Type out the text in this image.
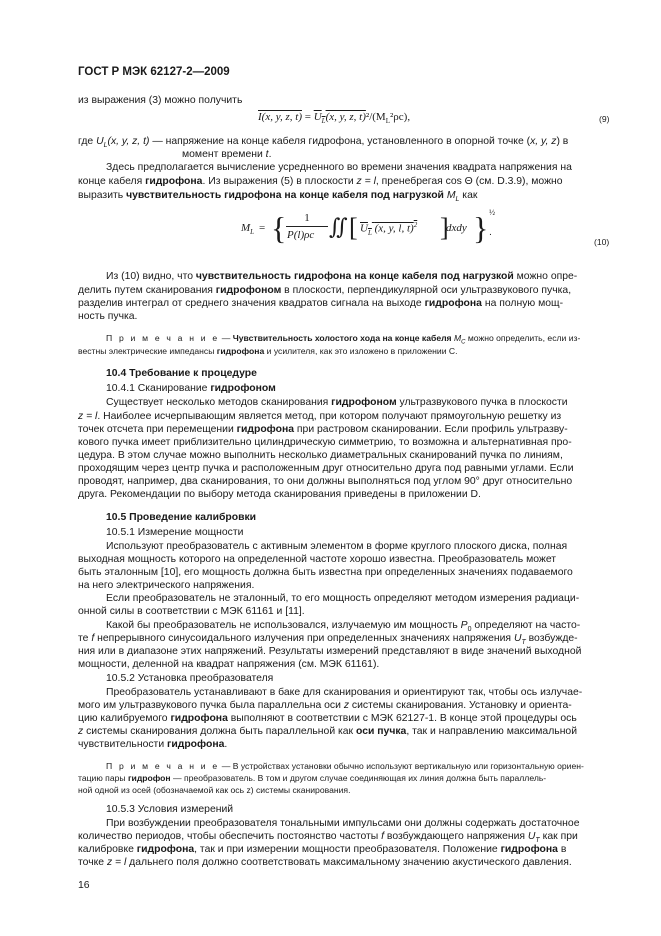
ГОСТ Р МЭК 62127-2—2009
из выражения (3) можно получить
I(x, y, z, $t) = U_L(x$, y, z, $t)^2/(M_L^2\rho c)$,	(9)
где $U_L(x$, y, z, t) — напряжение на конце кабеля гидрофона, установленного в опорной точке (x, y, z) в
момент времени t.
Здесь предполагается вычисление усредненного во времени значения квадрата напряжения на
конце кабеля гидрофона. Из выражения (5) в плоскости z = l, пренебрегая cos Θ (см. D.3.9), можно
выразить чувствительность гидрофона на конце кабеля под нагрузкой $M_L$ как
$M_L$ = {	1
P(l)ρc ∬ [ $U_L$ (x, y, l, t)$^2$ ]
dxdy } ½
.
(10)
Из (10) видно, что чувствительность гидрофона на конце кабеля под нагрузкой можно опре-
делить путем сканирования гидрофоном в плоскости, перпендикулярной оси ультразвукового пучка,
разделив интеграл от среднего значения квадратов сигнала на выходе гидрофона на полную мощ-
ность пучка.
П р и м е ч а н и е — Чувствительность холостого хода на конце кабеля $M_C$ можно определить, если из-
вестны электрические импедансы гидрофона и усилителя, как это изложено в приложении C.
10.4 Требование к процедуре
10.4.1 Сканирование гидрофоном
Существует несколько методов сканирования гидрофоном ультразвукового пучка в плоскости
z = l. Наиболее исчерпывающим является метод, при котором получают прямоугольную решетку из
точек отсчета при перемещении гидрофона при растровом сканировании. Если профиль ультразву-
кового пучка имеет приблизительно цилиндрическую симметрию, то возможна и альтернативная про-
цедура. В этом случае можно выполнить несколько диаметральных сканирований пучка по линиям,
проходящим через центр пучка и расположенным друг относительно друга под равными углами. Если
проводят, например, два сканирования, то они должны выполняться под углом 90° друг относительно
друга. Рекомендации по выбору метода сканирования приведены в приложении D.
10.5 Проведение калибровки
10.5.1 Измерение мощности
Используют преобразователь с активным элементом в форме круглого плоского диска, полная
выходная мощность которого на определенной частоте хорошо известна. Преобразователь может
быть эталонным [10], его мощность должна быть известна при определенных значениях подаваемого
на него электрического напряжения.
Если преобразователь не эталонный, то его мощность определяют методом измерения радиаци-
онной силы в соответствии с МЭК 61161 и [11].
Какой бы преобразователь не использовался, излучаемую им мощность $P_0$ определяют на часто-
те f непрерывного синусоидального излучения при определенных значениях напряжения $U_T$ возбужде-
ния или в диапазоне этих напряжений. Результаты измерений представляют в виде значений выходной
мощности, деленной на квадрат напряжения (см. МЭК 61161).
10.5.2 Установка преобразователя
Преобразователь устанавливают в баке для сканирования и ориентируют так, чтобы ось излучае-
мого им ультразвукового пучка была параллельна оси z системы сканирования. Установку и ориента-
цию калибруемого гидрофона выполняют в соответствии с МЭК 62127-1. В конце этой процедуры ось
z системы сканирования должна быть параллельной как оси пучка, так и направлению максимальной
чувствительности гидрофона.
П р и м е ч а н и е — В устройствах установки обычно используют вертикальную или горизонтальную ориен-
тацию пары гидрофон — преобразователь. В том и другом случае соединяющая их линия должна быть параллель-
ной одной из осей (обозначаемой как ось z) системы сканирования.
10.5.3 Условия измерений
При возбуждении преобразователя тональными импульсами они должны содержать достаточное
количество периодов, чтобы обеспечить постоянство частоты f возбуждающего напряжения $U_T$ как при
калибровке гидрофона, так и при измерении мощности преобразователя. Положение гидрофона в
точке z = l дальнего поля должно соответствовать максимальному значению акустического давления.
16
